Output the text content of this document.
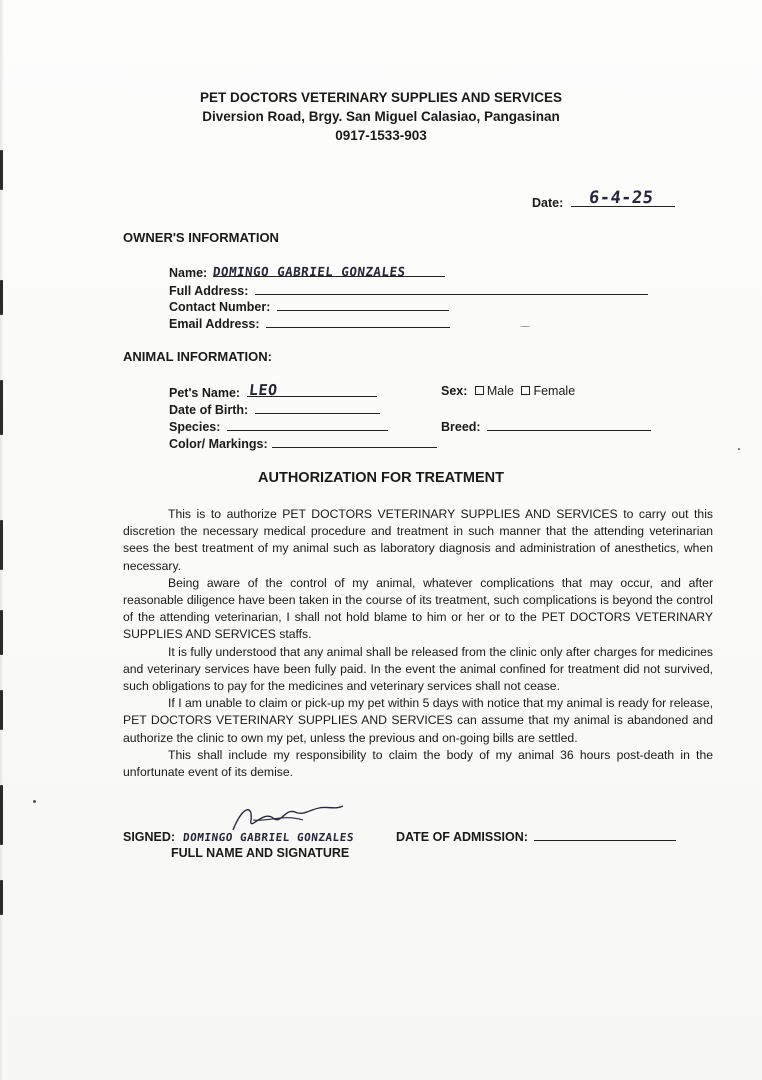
PET DOCTORS VETERINARY SUPPLIES AND SERVICES
Diversion Road, Brgy. San Miguel Calasiao, Pangasinan
0917-1533-903
Date: 6-4-25
OWNER'S INFORMATION
Name: DOMINGO GABRIEL GONZALES
Full Address:
Contact Number:
Email Address:
ANIMAL INFORMATION:
Pet's Name: LEO
Date of Birth:
Species:
Color/ Markings:
Sex: Male Female
Breed:
AUTHORIZATION FOR TREATMENT

This is to authorize PET DOCTORS VETERINARY SUPPLIES AND SERVICES to carry out this discretion the necessary medical procedure and treatment in such manner that the attending veterinarian sees the best treatment of my animal such as laboratory diagnosis and administration of anesthetics, when necessary.

Being aware of the control of my animal, whatever complications that may occur, and after reasonable diligence have been taken in the course of its treatment, such complications is beyond the control of the attending veterinarian, I shall not hold blame to him or her or to the PET DOCTORS VETERINARY SUPPLIES AND SERVICES staffs.

It is fully understood that any animal shall be released from the clinic only after charges for medicines and veterinary services have been fully paid. In the event the animal confined for treatment did not survived, such obligations to pay for the medicines and veterinary services shall not cease.

If I am unable to claim or pick-up my pet within 5 days with notice that my animal is ready for release, PET DOCTORS VETERINARY SUPPLIES AND SERVICES can assume that my animal is abandoned and authorize the clinic to own my pet, unless the previous and on-going bills are settled.

This shall include my responsibility to claim the body of my animal 36 hours post-death in the unfortunate event of its demise.

SIGNED: DOMINGO GABRIEL GONZALES
FULL NAME AND SIGNATURE
DATE OF ADMISSION:
